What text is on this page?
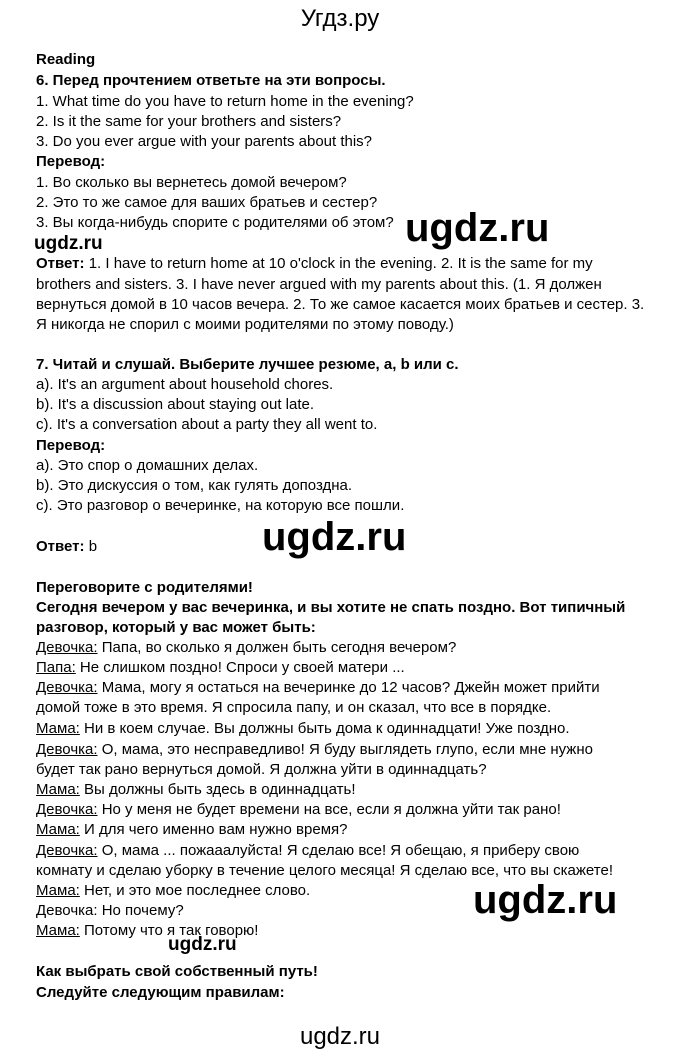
Угдз.ру
Reading
6. Перед прочтением ответьте на эти вопросы.
1. What time do you have to return home in the evening?
2. Is it the same for your brothers and sisters?
3. Do you ever argue with your parents about this?
Перевод:
1. Во сколько вы вернетесь домой вечером?
2. Это то же самое для ваших братьев и сестер?
3. Вы когда-нибудь спорите с родителями об этом? ugdz.ru
ugdz.ru
Ответ: 1. I have to return home at 10 o'clock in the evening. 2. It is the same for my
brothers and sisters. 3. I have never argued with my parents about this. (1. Я должен
вернуться домой в 10 часов вечера. 2. То же самое касается моих братьев и сестер. 3.
Я никогда не спорил с моими родителями по этому поводу.)
7. Читай и слушай. Выберите лучшее резюме, a, b или c.
a). It's an argument about household chores.
b). It's a discussion about staying out late.
c). It's a conversation about a party they all went to.
Перевод:
a). Это спор о домашних делах.
b). Это дискуссия о том, как гулять допоздна.
c). Это разговор о вечеринке, на которую все пошли.
ugdz.ru
Ответ: b
Переговорите с родителями!
Сегодня вечером у вас вечеринка, и вы хотите не спать поздно. Вот типичный
разговор, который у вас может быть:
Девочка: Папа, во сколько я должен быть сегодня вечером?
Папа: Не слишком поздно! Спроси у своей матери ...
Девочка: Мама, могу я остаться на вечеринке до 12 часов? Джейн может прийти
домой тоже в это время. Я спросила папу, и он сказал, что все в порядке.
Мама: Ни в коем случае. Вы должны быть дома к одиннадцати! Уже поздно.
Девочка: О, мама, это несправедливо! Я буду выглядеть глупо, если мне нужно
будет так рано вернуться домой. Я должна уйти в одиннадцать?
Мама: Вы должны быть здесь в одиннадцать!
Девочка: Но у меня не будет времени на все, если я должна уйти так рано!
Мама: И для чего именно вам нужно время?
Девочка: О, мама ... пожааалуйста! Я сделаю все! Я обещаю, я приберу свою
комнату и сделаю уборку в течение целого месяца! Я сделаю все, что вы скажете!
Мама: Нет, и это мое последнее слово.	ugdz.ru
Девочка: Но почему?
Мама: Потому что я так говорю!
ugdz.ru
Как выбрать свой собственный путь!
Следуйте следующим правилам:
ugdz.ru
